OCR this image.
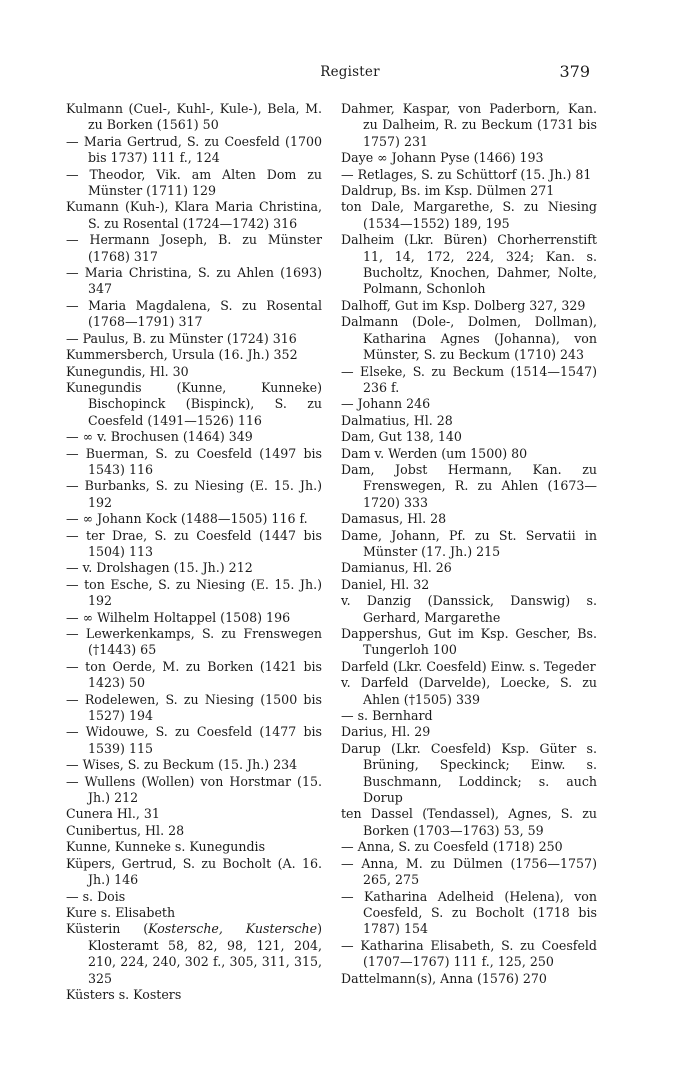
Register	379

Kulmann (Cuel-, Kuhl-, Kule-), Bela, M. zu Borken (1561) 50

— Maria Gertrud, S. zu Coesfeld (1700 bis 1737) 111 f., 124

— Theodor, Vik. am Alten Dom zu Münster (1711) 129

Kumann (Kuh-), Klara Maria Christina, S. zu Rosental (1724—1742) 316

— Hermann Joseph, B. zu Münster (1768) 317

— Maria Christina, S. zu Ahlen (1693) 347

— Maria Magdalena, S. zu Rosental (1768—1791) 317

— Paulus, B. zu Münster (1724) 316

Kummersberch, Ursula (16. Jh.) 352

Kunegundis, Hl. 30

Kunegundis (Kunne, Kunneke) Bischopinck (Bispinck), S. zu Coesfeld (1491—1526) 116

— ∞ v. Brochusen (1464) 349

— Buerman, S. zu Coesfeld (1497 bis 1543) 116

— Burbanks, S. zu Niesing (E. 15. Jh.) 192

— ∞ Johann Kock (1488—1505) 116 f.

— ter Drae, S. zu Coesfeld (1447 bis 1504) 113

— v. Drolshagen (15. Jh.) 212

— ton Esche, S. zu Niesing (E. 15. Jh.) 192

— ∞ Wilhelm Holtappel (1508) 196

— Lewerkenkamps, S. zu Frenswegen (†1443) 65

— ton Oerde, M. zu Borken (1421 bis 1423) 50

— Rodelewen, S. zu Niesing (1500 bis 1527) 194

— Widouwe, S. zu Coesfeld (1477 bis 1539) 115

— Wises, S. zu Beckum (15. Jh.) 234

— Wullens (Wollen) von Horstmar (15. Jh.) 212

Cunera Hl., 31

Cunibertus, Hl. 28

Kunne, Kunneke s. Kunegundis

Küpers, Gertrud, S. zu Bocholt (A. 16. Jh.) 146

— s. Dois

Kure s. Elisabeth

Küsterin (Kostersche, Kustersche) Klosteramt 58, 82, 98, 121, 204, 210, 224, 240, 302 f., 305, 311, 315, 325

Küsters s. Kosters

Dahmer, Kaspar, von Paderborn, Kan. zu Dalheim, R. zu Beckum (1731 bis 1757) 231

Daye ∞ Johann Pyse (1466) 193

— Retlages, S. zu Schüttorf (15. Jh.) 81

Daldrup, Bs. im Ksp. Dülmen 271

ton Dale, Margarethe, S. zu Niesing (1534—1552) 189, 195

Dalheim (Lkr. Büren) Chorherrenstift 11, 14, 172, 224, 324; Kan. s. Bucholtz, Knochen, Dahmer, Nolte, Polmann, Schonloh

Dalhoff, Gut im Ksp. Dolberg 327, 329

Dalmann (Dole-, Dolmen, Dollman), Katharina Agnes (Johanna), von Münster, S. zu Beckum (1710) 243

— Elseke, S. zu Beckum (1514—1547) 236 f.

— Johann 246

Dalmatius, Hl. 28

Dam, Gut 138, 140

Dam v. Werden (um 1500) 80

Dam, Jobst Hermann, Kan. zu Frenswegen, R. zu Ahlen (1673—1720) 333

Damasus, Hl. 28

Dame, Johann, Pf. zu St. Servatii in Münster (17. Jh.) 215

Damianus, Hl. 26

Daniel, Hl. 32

v. Danzig (Danssick, Danswig) s. Gerhard, Margarethe

Dappershus, Gut im Ksp. Gescher, Bs. Tungerloh 100

Darfeld (Lkr. Coesfeld) Einw. s. Tegeder

v. Darfeld (Darvelde), Loecke, S. zu Ahlen (†1505) 339

— s. Bernhard

Darius, Hl. 29

Darup (Lkr. Coesfeld) Ksp. Güter s. Brüning, Speckinck; Einw. s. Buschmann, Loddinck; s. auch Dorup

ten Dassel (Tendassel), Agnes, S. zu Borken (1703—1763) 53, 59

— Anna, S. zu Coesfeld (1718) 250

— Anna, M. zu Dülmen (1756—1757) 265, 275

— Katharina Adelheid (Helena), von Coesfeld, S. zu Bocholt (1718 bis 1787) 154

— Katharina Elisabeth, S. zu Coesfeld (1707—1767) 111 f., 125, 250

Dattelmann(s), Anna (1576) 270
